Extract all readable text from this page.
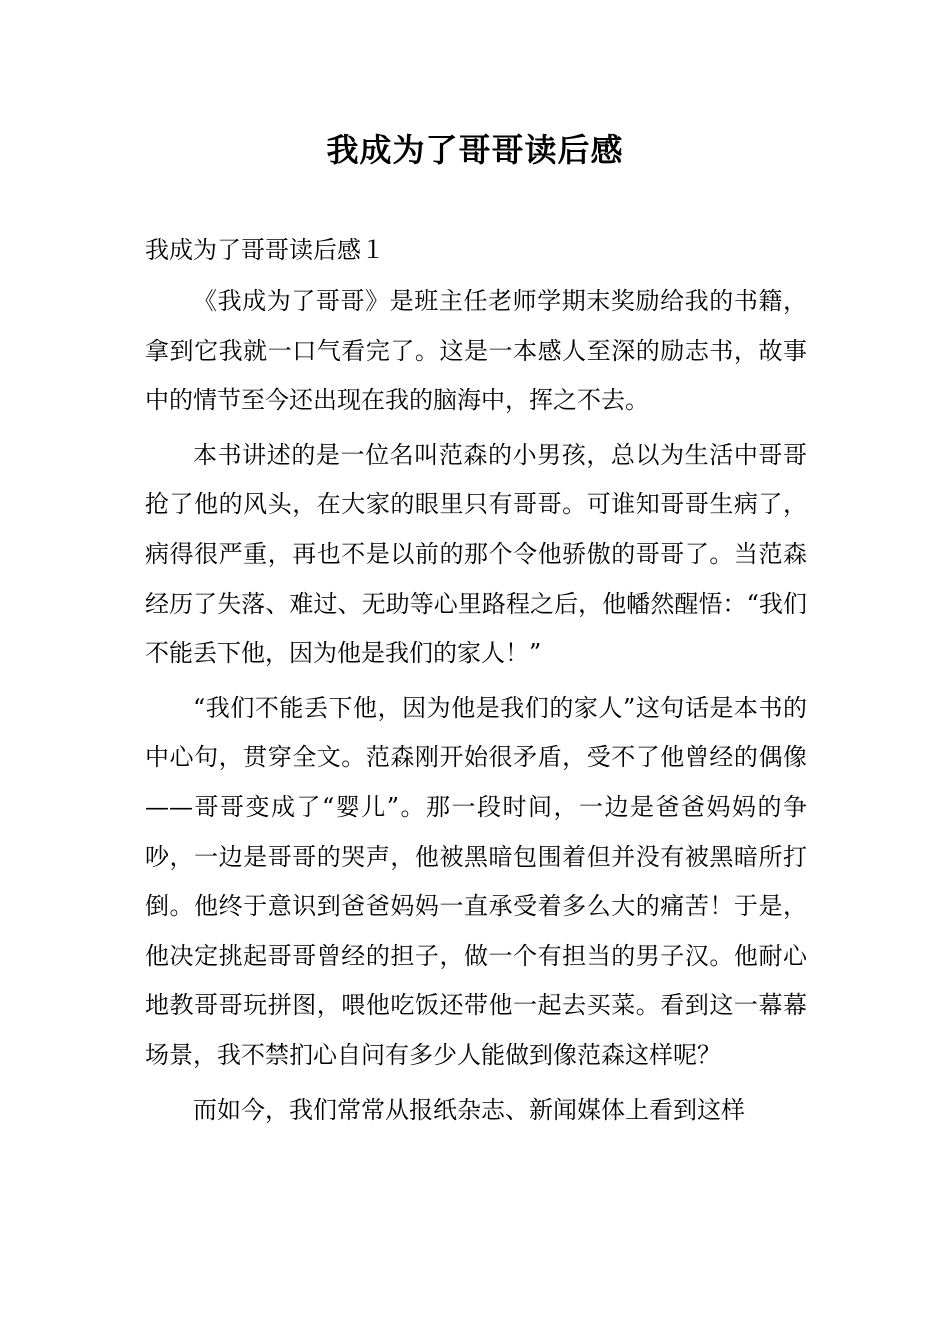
我成为了哥哥读后感

我成为了哥哥读后感１

《我成为了哥哥》是班主任老师学期末奖励给我的书籍，拿到它我就一口气看完了。这是一本感人至深的励志书，故事中的情节至今还出现在我的脑海中，挥之不去。

本书讲述的是一位名叫范森的小男孩，总以为生活中哥哥抢了他的风头，在大家的眼里只有哥哥。可谁知哥哥生病了，病得很严重，再也不是以前的那个令他骄傲的哥哥了。当范森经历了失落、难过、无助等心里路程之后，他幡然醒悟：“我们不能丢下他，因为他是我们的家人！”

“我们不能丢下他，因为他是我们的家人”这句话是本书的中心句，贯穿全文。范森刚开始很矛盾，受不了他曾经的偶像——哥哥变成了“婴儿”。那一段时间，一边是爸爸妈妈的争吵，一边是哥哥的哭声，他被黑暗包围着但并没有被黑暗所打倒。他终于意识到爸爸妈妈一直承受着多么大的痛苦！于是，他决定挑起哥哥曾经的担子，做一个有担当的男子汉。他耐心地教哥哥玩拼图，喂他吃饭还带他一起去买菜。看到这一幕幕场景，我不禁扪心自问有多少人能做到像范森这样呢？

而如今，我们常常从报纸杂志、新闻媒体上看到这样
